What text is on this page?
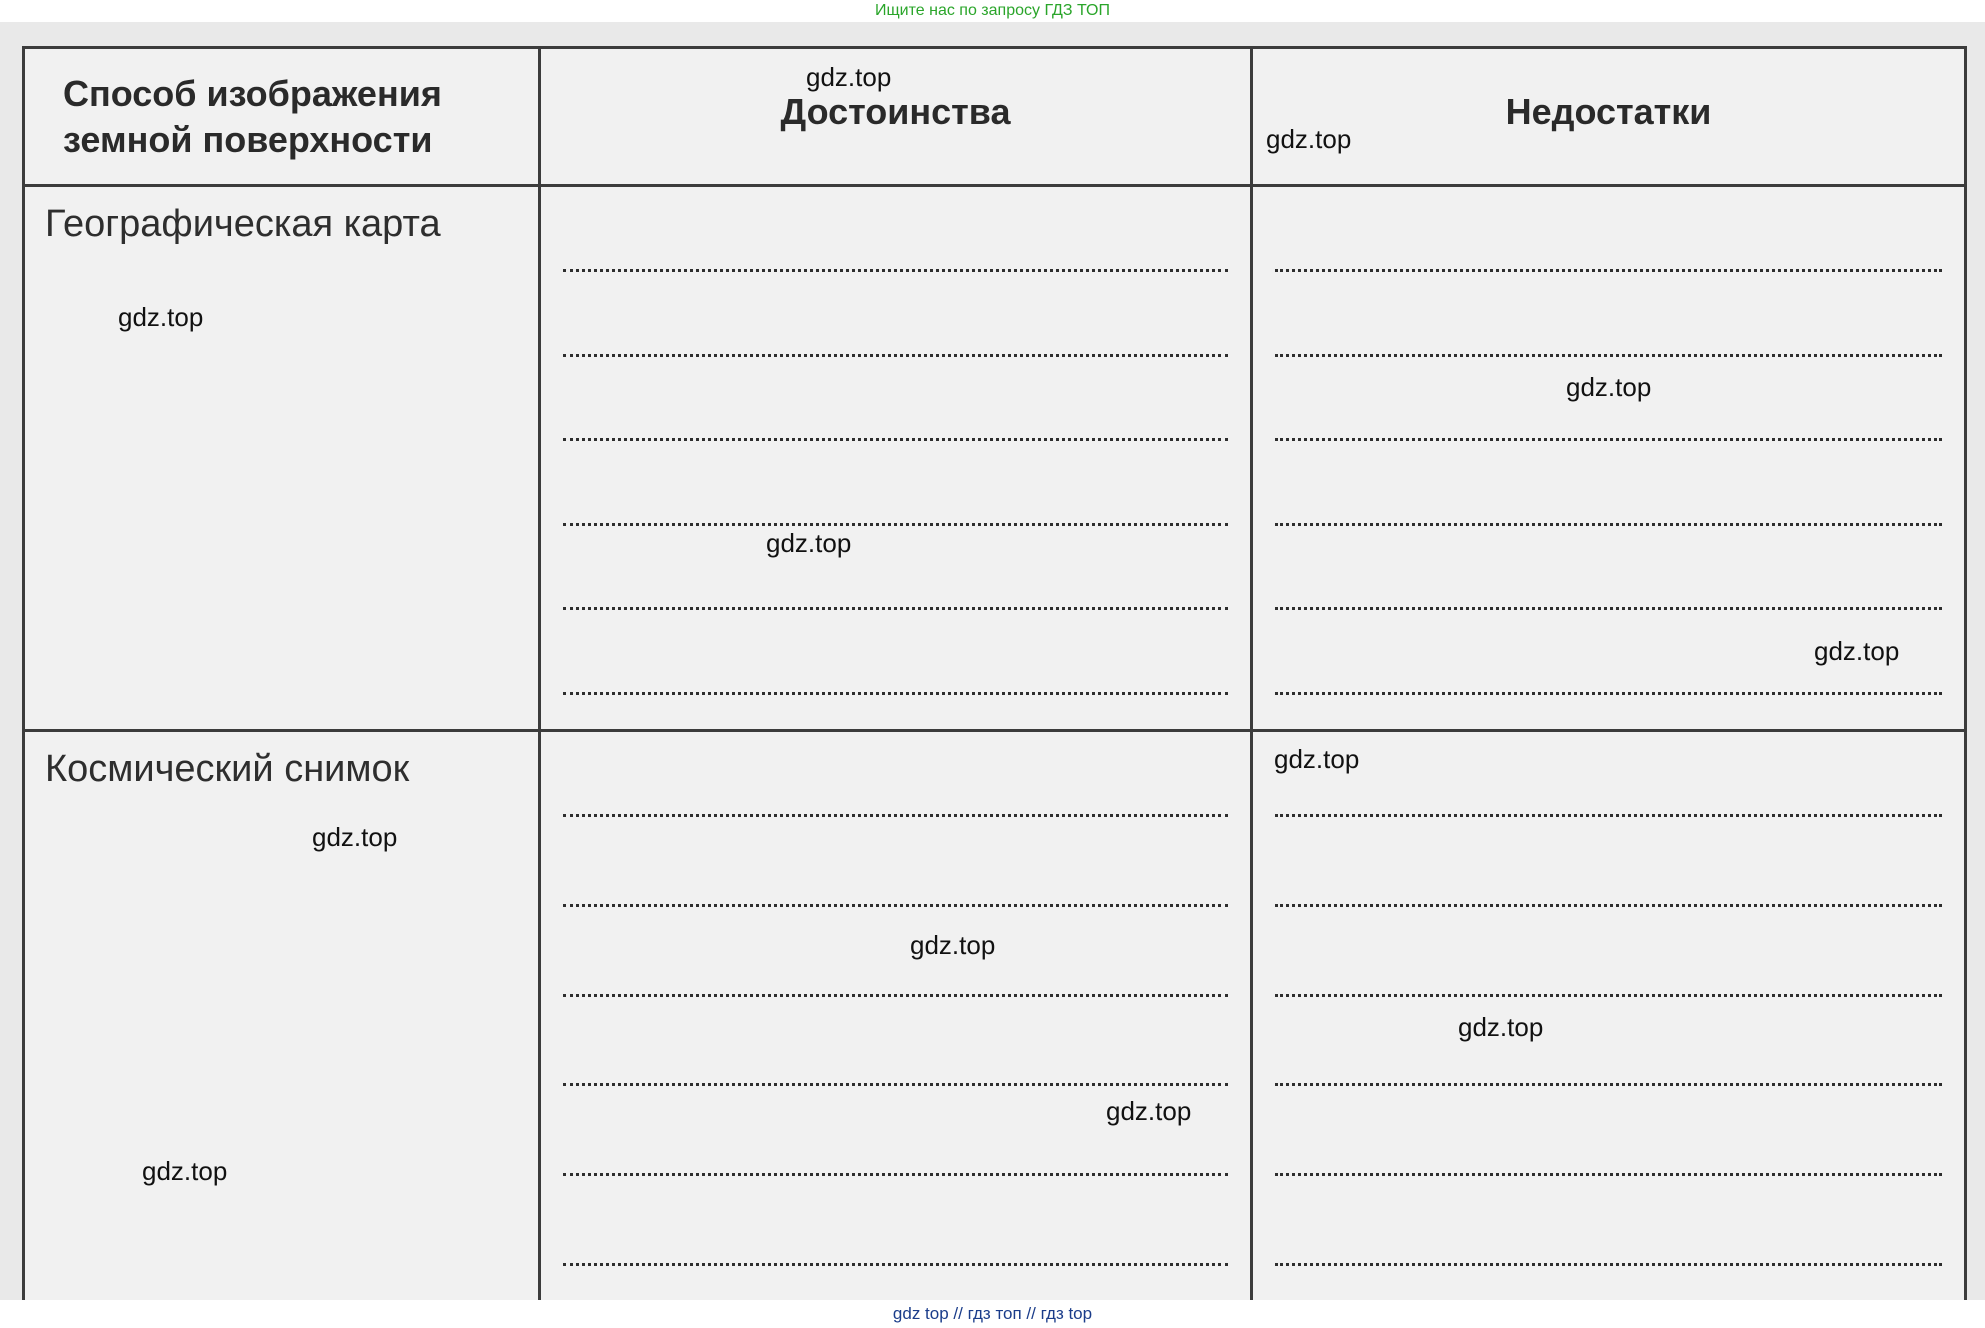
Ищите нас по запросу ГДЗ ТОП

Способ изображения
земной поверхности	Достоинства	Недостатки

Географическая карта		

Космический снимок		

gdz.top
gdz.top
gdz.top
gdz.top
gdz.top
gdz.top
gdz.top
gdz.top
gdz.top
gdz.top
gdz.top
gdz.top
gdz top // гдз топ // гдз top
